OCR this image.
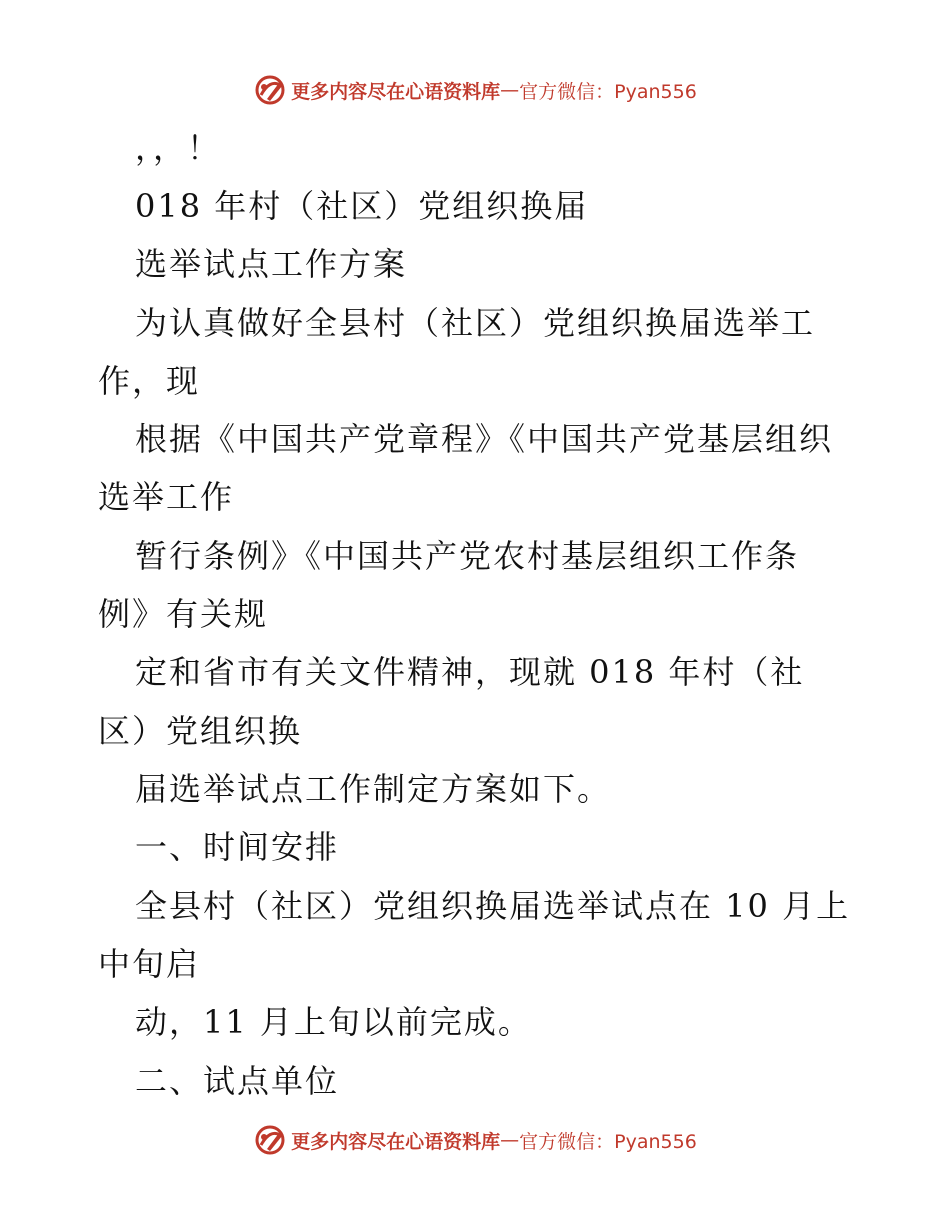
更多内容尽在心语资料库 — 官方微信：Pyan556
，，！
018 年村（社区）党组织换届
选举试点工作方案
为认真做好全县村（社区）党组织换届选举工
作，现
根据《中国共产党章程》《中国共产党基层组织
选举工作
暂行条例》《中国共产党农村基层组织工作条
例》有关规
定和省市有关文件精神，现就 018 年村（社
区）党组织换
届选举试点工作制定方案如下。
一、时间安排
全县村（社区）党组织换届选举试点在 10 月上
中旬启
动，11 月上旬以前完成。
二、试点单位
更多内容尽在心语资料库 — 官方微信：Pyan556
